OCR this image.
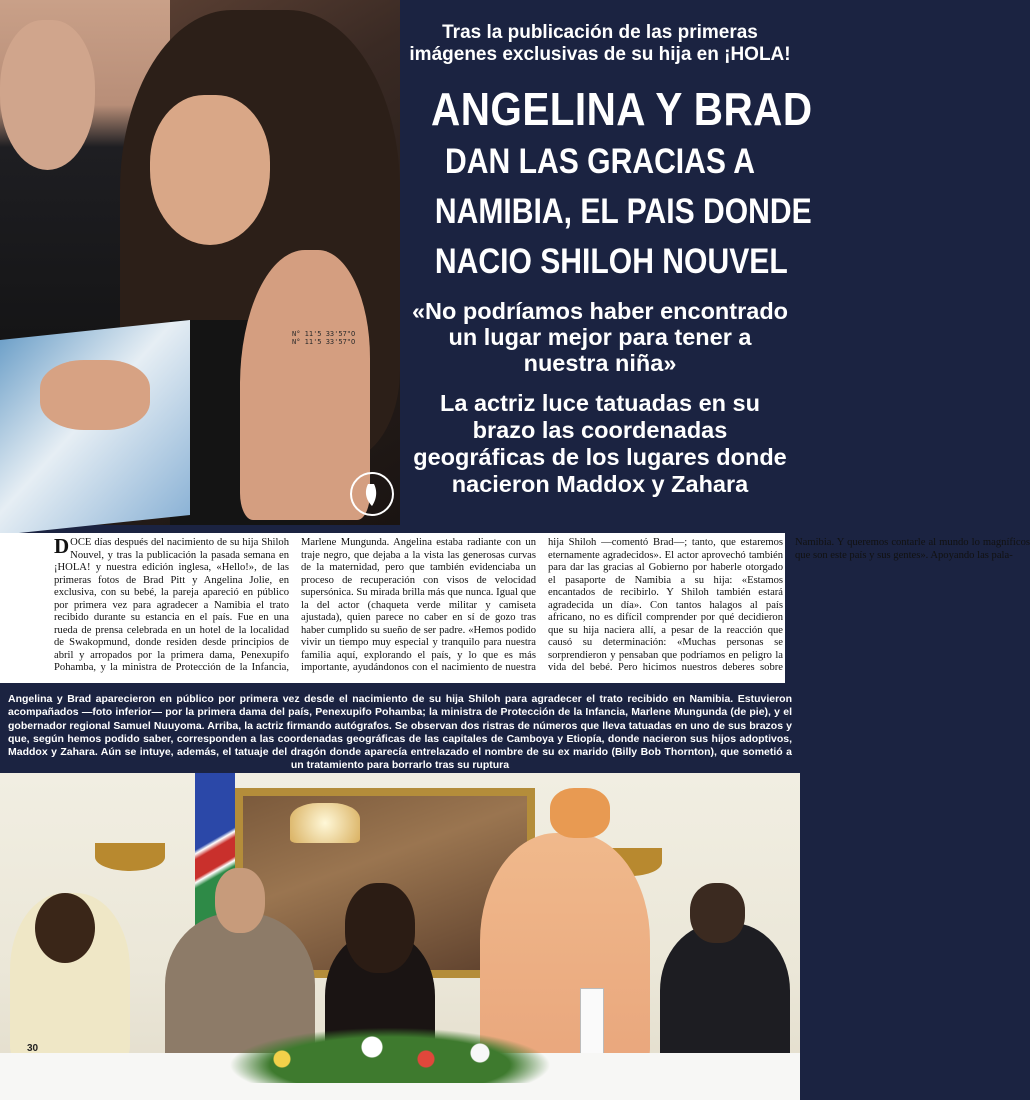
N° 11'5 33'57"O
N° 11'5 33'57"O

Tras la publicación de las primeras imágenes exclusivas de su hija en ¡HOLA!

ANGELINA Y BRAD
DAN LAS GRACIAS A
NAMIBIA, EL PAIS DONDE
NACIO SHILOH NOUVEL

«No podríamos haber encontrado un lugar mejor para tener a nuestra niña»

La actriz luce tatuadas en su brazo las coordenadas geográficas de los lugares donde nacieron Maddox y Zahara

DOCE días después del nacimiento de su hija Shiloh Nouvel, y tras la publicación la pasada semana en ¡HOLA! y nuestra edición inglesa, «Hello!», de las primeras fotos de Brad Pitt y Angelina Jolie, en exclusiva, con su bebé, la pareja apareció en público por primera vez para agradecer a Namibia el trato recibido durante su estancia en el país. Fue en una rueda de prensa celebrada en un hotel de la localidad de Swakopmund, donde residen desde principios de abril y arropados por la primera dama, Penexupifo Pohamba, y la ministra de Protección de la Infancia, Marlene Mungunda. Angelina estaba radiante con un traje negro, que dejaba a la vista las generosas curvas de la maternidad, pero que también evidenciaba un proceso de recuperación con visos de velocidad supersónica. Su mirada brilla más que nunca. Igual que la del actor (chaqueta verde militar y camiseta ajustada), quien parece no caber en sí de gozo tras haber cumplido su sueño de ser padre. «Hemos podido vivir un tiempo muy especial y tranquilo para nuestra familia aquí, explorando el país, y lo que es más importante, ayudándonos con el nacimiento de nuestra hija Shiloh —comentó Brad—; tanto, que estaremos eternamente agradecidos». El actor aprovechó también para dar las gracias al Gobierno por haberle otorgado el pasaporte de Namibia a su hija: «Estamos encantados de recibirlo. Y Shiloh también estará agradecida un día». Con tantos halagos al país africano, no es difícil comprender por qué decidieron que su hija naciera allí, a pesar de la reacción que causó su determinación: «Muchas personas se sorprendieron y pensaban que podríamos en peligro la vida del bebé. Pero hicimos nuestros deberes sobre Namibia. Y queremos contarle al mundo lo magníficos que son este país y sus gentes». Apoyando las pala-

Angelina y Brad aparecieron en público por primera vez desde el nacimiento de su hija Shiloh para agradecer el trato recibido en Namibia. Estuvieron acompañados —foto inferior— por la primera dama del país, Penexupifo Pohamba; la ministra de Protección de la Infancia, Marlene Mungunda (de pie), y el gobernador regional Samuel Nuuyoma. Arriba, la actriz firmando autógrafos. Se observan dos ristras de números que lleva tatuadas en uno de sus brazos y que, según hemos podido saber, corresponden a las coordenadas geográficas de las capitales de Camboya y Etiopía, donde nacieron sus hijos adoptivos, Maddox y Zahara. Aún se intuye, además, el tatuaje del dragón donde aparecía entrelazado el nombre de su ex marido (Billy Bob Thornton), que sometió a un tratamiento para borrarlo tras su ruptura
30
